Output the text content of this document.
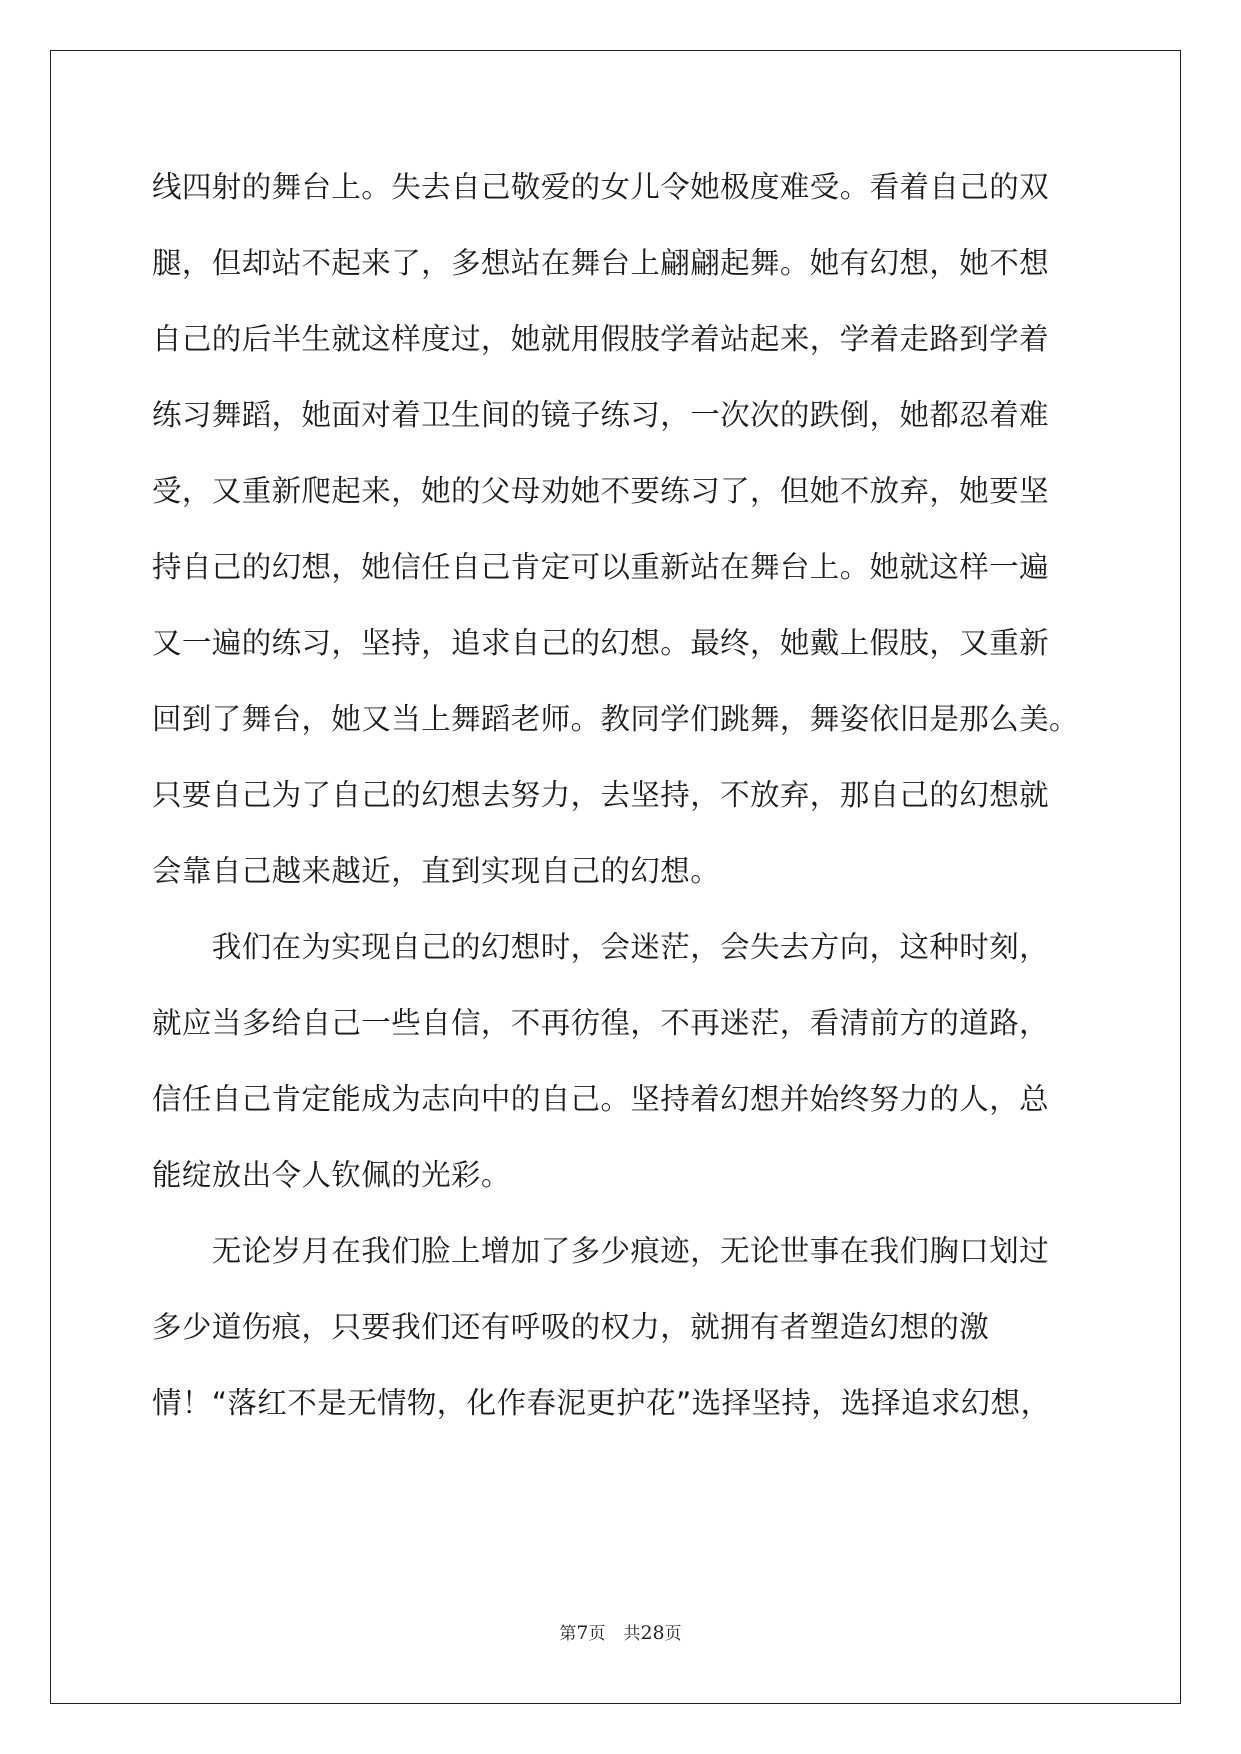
线四射的舞台上。失去自己敬爱的女儿令她极度难受。看着自己的双
腿，但却站不起来了，多想站在舞台上翩翩起舞。她有幻想，她不想
自己的后半生就这样度过，她就用假肢学着站起来，学着走路到学着
练习舞蹈，她面对着卫生间的镜子练习，一次次的跌倒，她都忍着难
受，又重新爬起来，她的父母劝她不要练习了，但她不放弃，她要坚
持自己的幻想，她信任自己肯定可以重新站在舞台上。她就这样一遍
又一遍的练习，坚持，追求自己的幻想。最终，她戴上假肢，又重新
回到了舞台，她又当上舞蹈老师。教同学们跳舞，舞姿依旧是那么美。
只要自己为了自己的幻想去努力，去坚持，不放弃，那自己的幻想就
会靠自己越来越近，直到实现自己的幻想。
　　我们在为实现自己的幻想时，会迷茫，会失去方向，这种时刻，
就应当多给自己一些自信，不再彷徨，不再迷茫，看清前方的道路，
信任自己肯定能成为志向中的自己。坚持着幻想并始终努力的人，总
能绽放出令人钦佩的光彩。
　　无论岁月在我们脸上增加了多少痕迹，无论世事在我们胸口划过
多少道伤痕，只要我们还有呼吸的权力，就拥有者塑造幻想的激
情！“落红不是无情物，化作春泥更护花”选择坚持，选择追求幻想，
第7页 共28页
